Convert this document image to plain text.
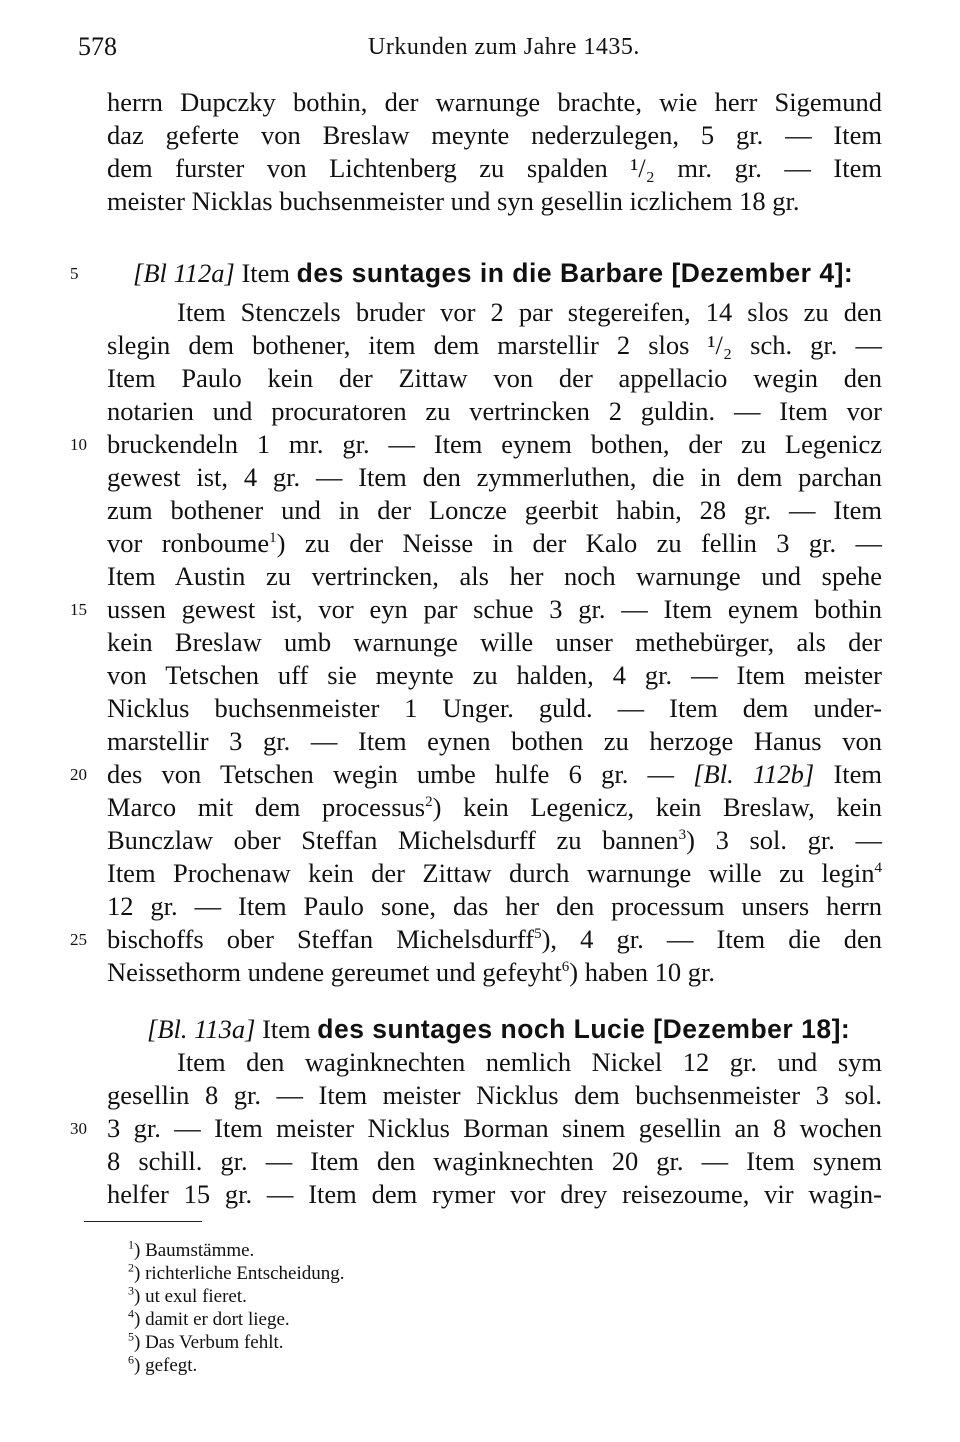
578	Urkunden zum Jahre 1435.
herrn Dupczky bothin, der warnunge brachte, wie herr Sigemund
daz geferte von Breslaw meynte nederzulegen, 5 gr. — Item
dem furster von Lichtenberg zu spalden ¹/₂ mr. gr. — Item
meister Nicklas buchsenmeister und syn gesellin iczlichem 18 gr.
5	[Bl 112a] Item des suntages in die Barbare [Dezember 4]:
Item Stenczels bruder vor 2 par stegereifen, 14 slos zu den
slegin dem bothener, item dem marstellir 2 slos ¹/₂ sch. gr. —
Item Paulo kein der Zittaw von der appellacio wegin den
notarien und procuratoren zu vertrincken 2 guldin. — Item vor
10 bruckendeln 1 mr. gr. — Item eynem bothen, der zu Legenicz
gewest ist, 4 gr. — Item den zymmerluthen, die in dem parchan
zum bothener und in der Loncze geerbit habin, 28 gr. — Item
vor ronboume$^1$) zu der Neisse in der Kalo zu fellin 3 gr. —
Item Austin zu vertrincken, als her noch warnunge und spehe
15 ussen gewest ist, vor eyn par schue 3 gr. — Item eynem bothin
kein Breslaw umb warnunge wille unser methebürger, als der
von Tetschen uff sie meynte zu halden, 4 gr. — Item meister
Nicklus buchsenmeister 1 Unger. guld. — Item dem under-
marstellir 3 gr. — Item eynen bothen zu herzoge Hanus von
20 des von Tetschen wegin umbe hulfe 6 gr. — [Bl. 112b] Item
Marco mit dem processus$^2$) kein Legenicz, kein Breslaw, kein
Bunczlaw ober Steffan Michelsdurff zu bannen$^3$) 3 sol. gr. —
Item Prochenaw kein der Zittaw durch warnunge wille zu legin$^4$
12 gr. — Item Paulo sone, das her den processum unsers herrn
25 bischoffs ober Steffan Michelsdurff$^5$), 4 gr. — Item die den
Neissethorm undene gereumet und gefeyht$^6$) haben 10 gr.
[Bl. 113a] Item des suntages noch Lucie [Dezember 18]:
Item den waginknechten nemlich Nickel 12 gr. und sym
gesellin 8 gr. — Item meister Nicklus dem buchsenmeister 3 sol.
30 3 gr. — Item meister Nicklus Borman sinem gesellin an 8 wochen
8 schill. gr. — Item den waginknechten 20 gr. — Item synem
helfer 15 gr. — Item dem rymer vor drey reisezoume, vir wagin-
$^1$) Baumstämme.
$^2$) richterliche Entscheidung.
$^3$) ut exul fieret.
$^4$) damit er dort liege.
$^5$) Das Verbum fehlt.
$^6$) gefegt.
